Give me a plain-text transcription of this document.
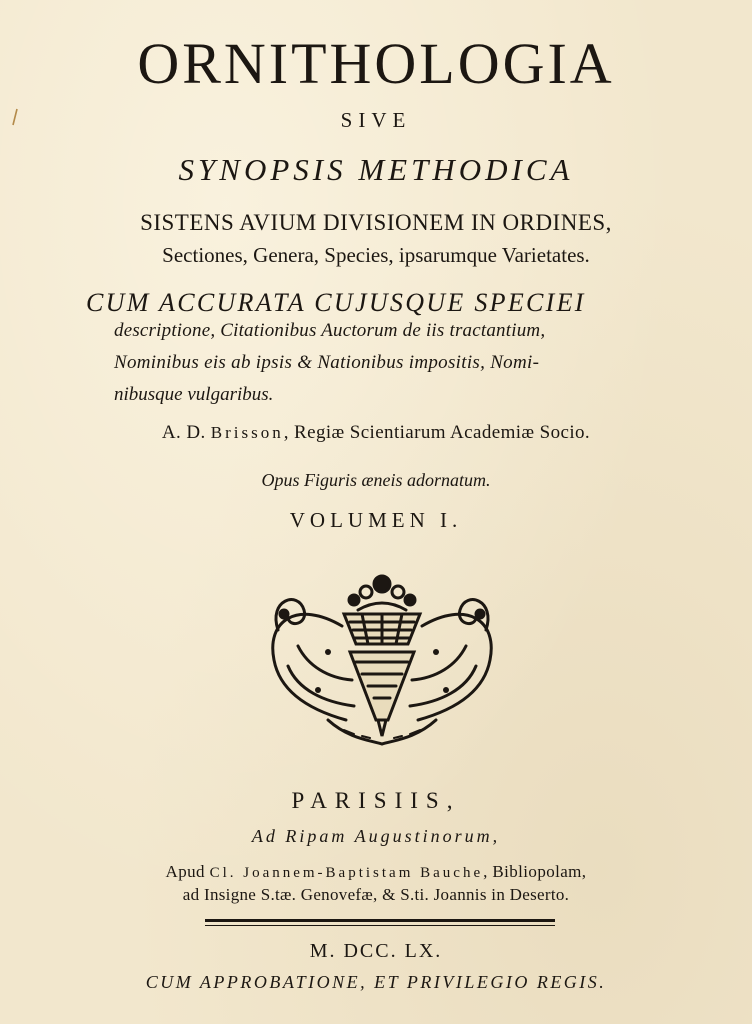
ORNITHOLOGIA
SIVE
SYNOPSIS METHODICA
SISTENS AVIUM DIVISIONEM IN ORDINES,
Sectiones, Genera, Species, ipsarumque Varietates.
CUM ACCURATA CUJUSQUE SPECIEI
descriptione, Citationibus Auctorum de iis tractantium,
Nominibus eis ab ipsis & Nationibus impositis, Nomi-
nibusque vulgaribus.
A. D. Brisson, Regiæ Scientiarum Academiæ Socio.
Opus Figuris æneis adornatum.
VOLUMEN I.
PARISIIS,
Ad Ripam Augustinorum,
Apud Cl. Joannem-Baptistam Bauche, Bibliopolam,
ad Insigne S.tæ. Genovefæ, & S.ti. Joannis in Deserto.
M. DCC. LX.
CUM APPROBATIONE, ET PRIVILEGIO REGIS.
